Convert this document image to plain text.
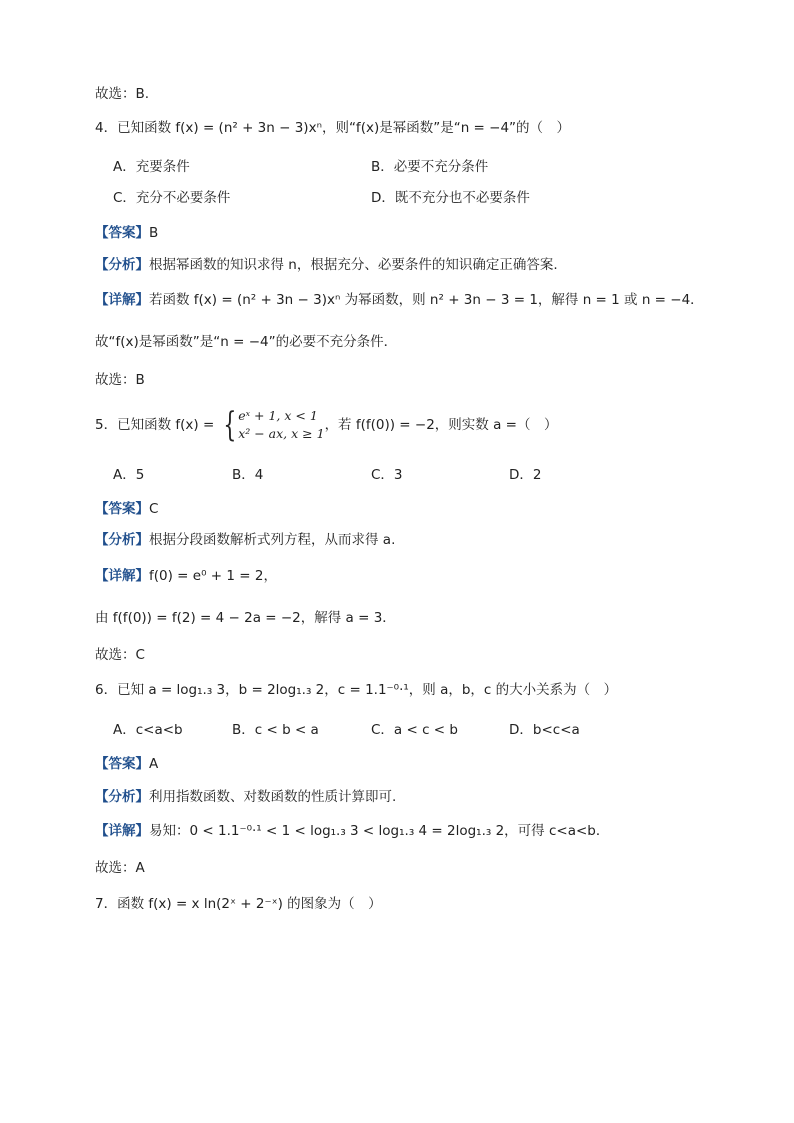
故选：B.
4．已知函数 f(x) = (n² + 3n − 3)xⁿ，则“f(x)是幂函数”是“n = −4”的（　）
A．充要条件	B．必要不充分条件
C．充分不必要条件	D．既不充分也不必要条件
【答案】B
【分析】根据幂函数的知识求得 n，根据充分、必要条件的知识确定正确答案.
【详解】若函数 f(x) = (n² + 3n − 3)xⁿ 为幂函数，则 n² + 3n − 3 = 1，解得 n = 1 或 n = −4．
故“f(x)是幂函数”是“n = −4”的必要不充分条件．
故选：B
5．已知函数 f(x) = { eˣ + 1, x < 1
x² − ax, x ≥ 1，若 f(f(0)) = −2，则实数 a =（　）
A．5	B．4	C．3	D．2
【答案】C
【分析】根据分段函数解析式列方程，从而求得 a.
【详解】f(0) = e⁰ + 1 = 2，
由 f(f(0)) = f(2) = 4 − 2a = −2，解得 a = 3．
故选：C
6．已知 a = log₁.₃ 3，b = 2log₁.₃ 2，c = 1.1⁻⁰·¹，则 a，b，c 的大小关系为（　）
A．c<a<b	B．c < b < a	C．a < c < b	D．b<c<a
【答案】A
【分析】利用指数函数、对数函数的性质计算即可.
【详解】易知：0 < 1.1⁻⁰·¹ < 1 < log₁.₃ 3 < log₁.₃ 4 = 2log₁.₃ 2，可得 c<a<b．
故选：A
7．函数 f(x) = x ln(2ˣ + 2⁻ˣ) 的图象为（　）
